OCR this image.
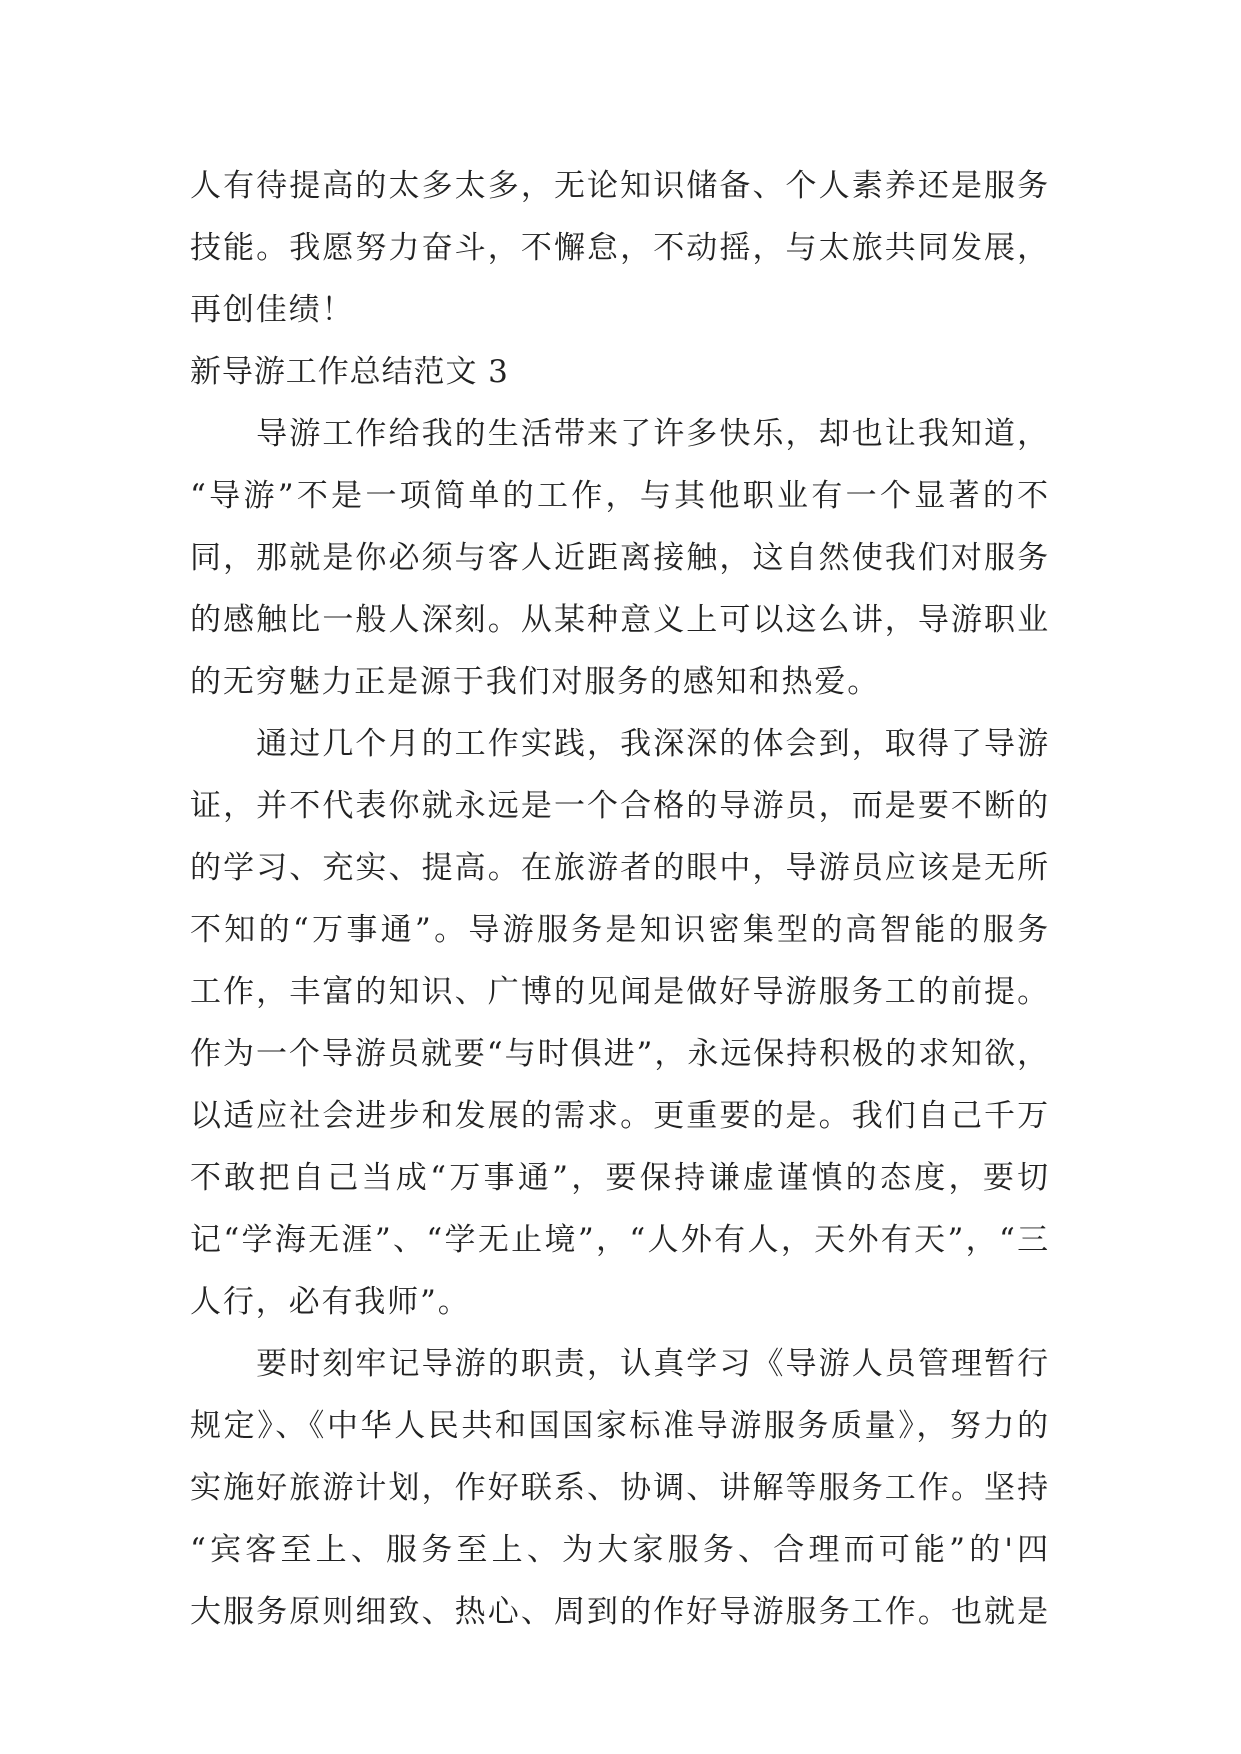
人有待提高的太多太多，无论知识储备、个人素养还是服务
技能。我愿努力奋斗，不懈怠，不动摇，与太旅共同发展，
再创佳绩！
新导游工作总结范文 3
　　导游工作给我的生活带来了许多快乐，却也让我知道，
“导游”不是一项简单的工作，与其他职业有一个显著的不
同，那就是你必须与客人近距离接触，这自然使我们对服务
的感触比一般人深刻。从某种意义上可以这么讲，导游职业
的无穷魅力正是源于我们对服务的感知和热爱。
　　通过几个月的工作实践，我深深的体会到，取得了导游
证，并不代表你就永远是一个合格的导游员，而是要不断的
的学习、充实、提高。在旅游者的眼中，导游员应该是无所
不知的“万事通”。导游服务是知识密集型的高智能的服务
工作，丰富的知识、广博的见闻是做好导游服务工的前提。
作为一个导游员就要“与时俱进”，永远保持积极的求知欲，
以适应社会进步和发展的需求。更重要的是。我们自己千万
不敢把自己当成“万事通”，要保持谦虚谨慎的态度，要切
记“学海无涯”、“学无止境”，“人外有人，天外有天”，“三
人行，必有我师”。
　　要时刻牢记导游的职责，认真学习《导游人员管理暂行
规定》、《中华人民共和国国家标准导游服务质量》，努力的
实施好旅游计划，作好联系、协调、讲解等服务工作。坚持
“宾客至上、服务至上、为大家服务、合理而可能”的'四
大服务原则细致、热心、周到的作好导游服务工作。也就是
